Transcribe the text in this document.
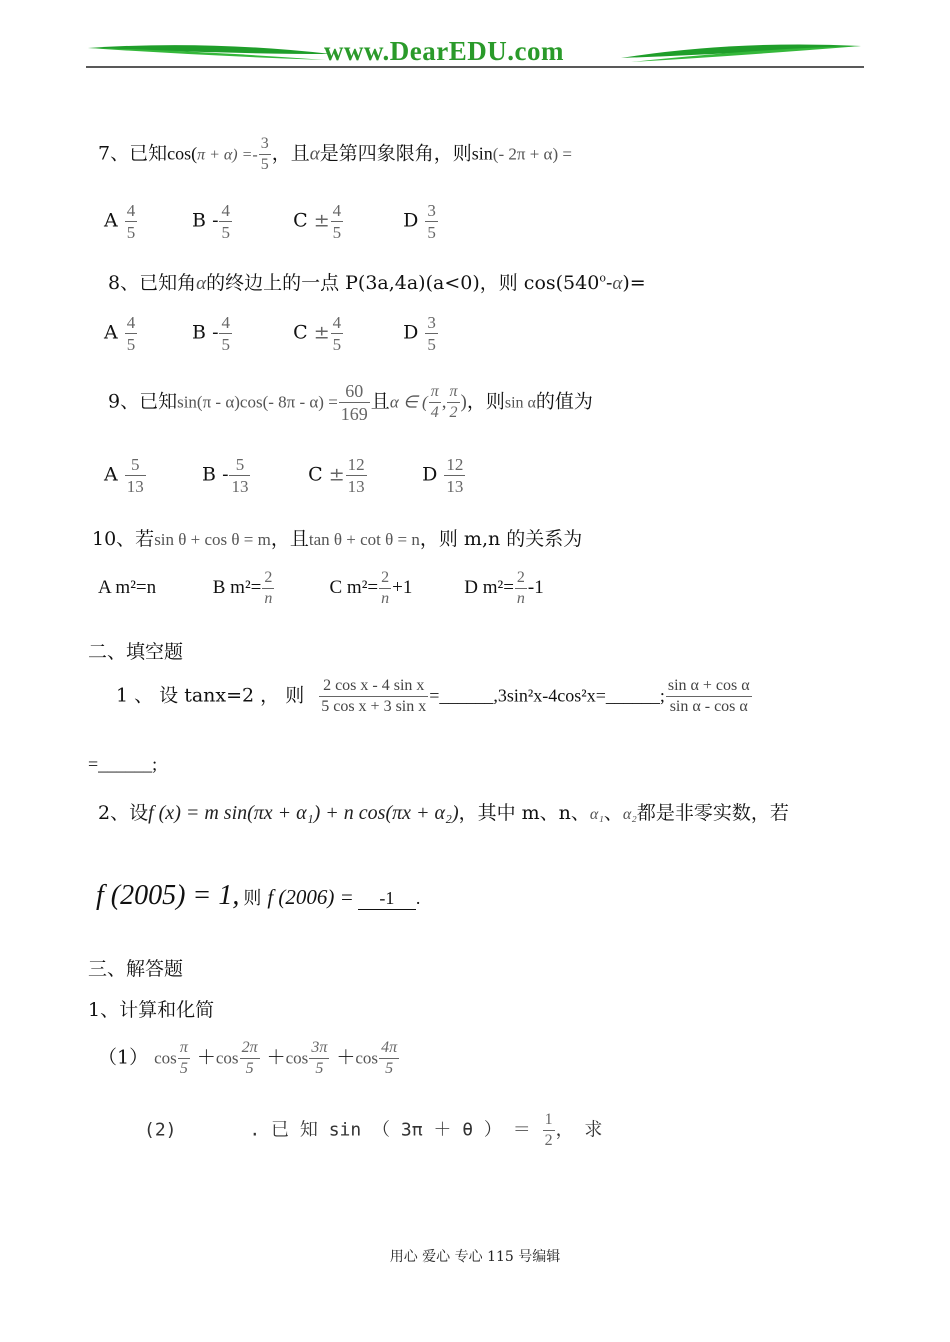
www.DearEDU.com
7、已知$\cos(\pi + \alpha) =- \frac{3}{5}$ ，且α是第四象限角，则sin(- 2π + α) =
A $\frac{4}{5}$	B - $\frac{4}{5}$	$C \pm \frac{4}{5}$	D $\frac{3}{5}$
8、已知角α的终边上的一点 P(3a,4a)(a<0)，则 $\cos(540^o-\alpha)=$
A $\frac{4}{5}$	B - $\frac{4}{5}$	$C \pm \frac{4}{5}$	D $\frac{3}{5}$
9、已知sin(π - α)cos(- $8\pi - \alpha) = \frac{60}{169}$ 且α ∈ ( $\frac{\pi}{4}$ , $\frac{\pi}{2}$ )，则sin α的值为
A $\frac{5}{13}$	B - $\frac{5}{13}$	$C \pm \frac{12}{13}$	D $\frac{12}{13}$
10、若sin θ + cos θ = m，且tan θ + cot θ = n，则 m,n 的关系为
A m²=n	B $m^2= \frac{2}{n}$	C $m^2= \frac{2}{n} +1$	D $m^2= \frac{2}{n} -1$
二、填空题
1 、 设 tanx=2 ， 则 $\frac{\text{2 cos x - 4 sin x}}{\text{5 cos x + 3 sin x}}$ =______,3sin²x-4cos²x=______; $\frac{\text{sin α + cos α}}{\text{sin α - cos α}}$
=______;
2、设f (x) = m sin(πx + α₁) + n cos(πx + α₂)，其中 m、n、α₁、α₂都是非零实数，若
f (2005) = 1, 则 f (2006) = -1 .
三、解答题
1、计算和化简
（1） $\cos \frac{\pi}{5} +\cos \frac{2\pi}{5} +\cos \frac{3\pi}{5} +\cos \frac{4\pi}{5}$
(2)	. 已 知 sin （ 3π ＋ θ ） ＝ $\frac{1}{2}$ ， 求
用心 爱心 专心 115 号编辑
